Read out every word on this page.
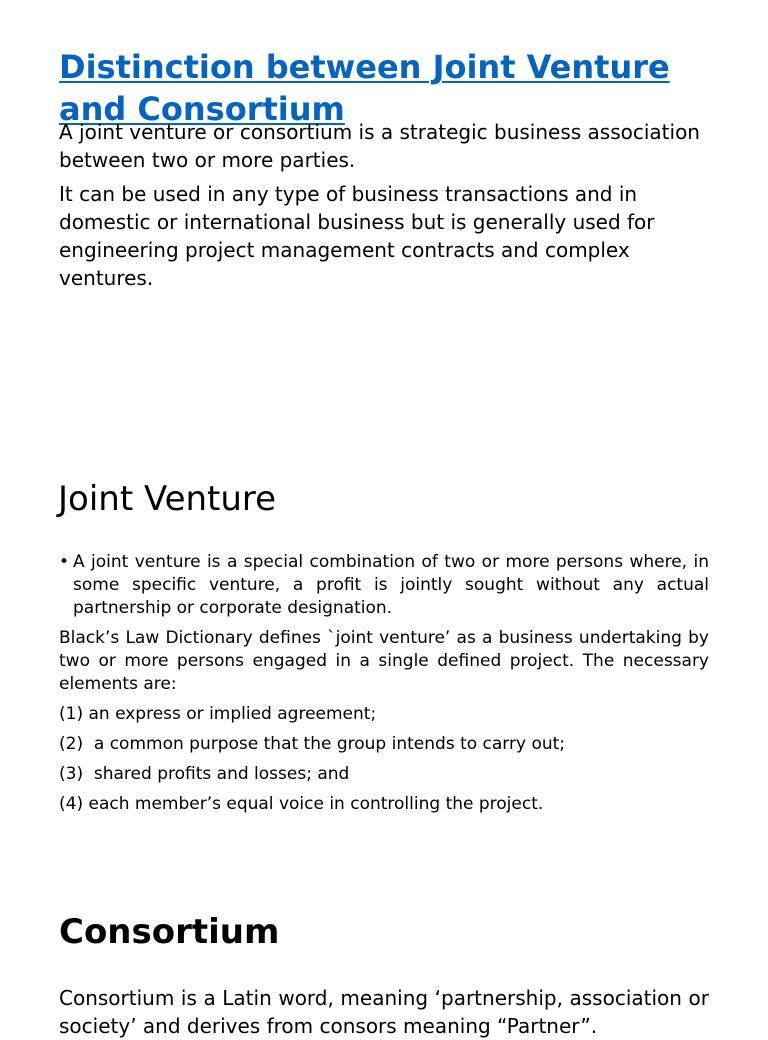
Distinction between Joint Venture and Consortium

A joint venture or consortium is a strategic business association between two or more parties.

It can be used in any type of business transactions and in domestic or international business but is generally used for engineering project management contracts and complex ventures.

Joint Venture
• A joint venture is a special combination of two or more persons where, in some specific venture, a profit is jointly sought without any actual partnership or corporate designation.

Black’s Law Dictionary defines `joint venture’ as a business undertaking by two or more persons engaged in a single defined project. The necessary elements are:

(1) an express or implied agreement;

(2)  a common purpose that the group intends to carry out;

(3)  shared profits and losses; and

(4) each member’s equal voice in controlling the project.

Consortium

Consortium is a Latin word, meaning ‘partnership, association or society’ and derives from consors meaning “Partner”.
